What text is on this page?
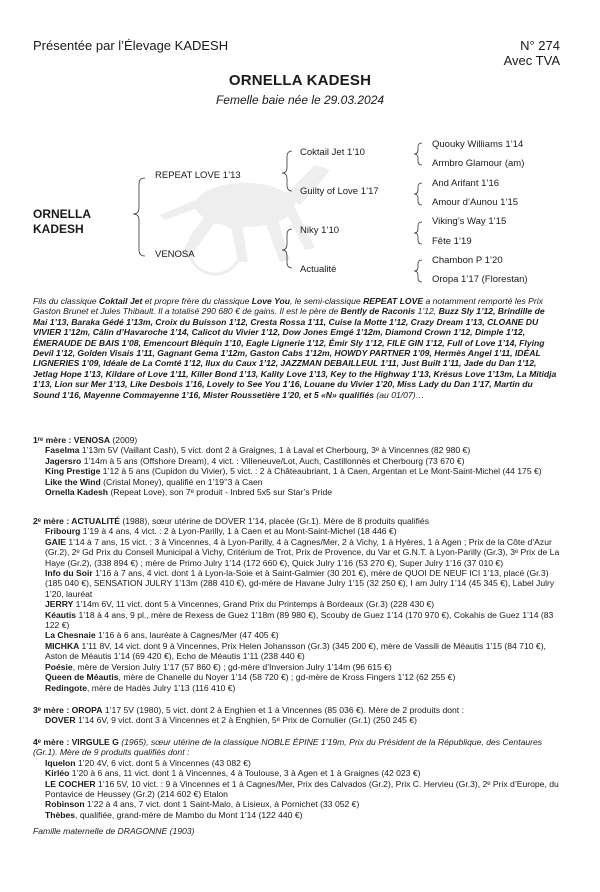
Présentée par l’Élevage KADESH	N° 274
Avec TVA
ORNELLA KADESH
Femelle baie née le 29.03.2024
ORNELLA
KADESH
REPEAT LOVE 1’13
VENOSA
Coktail Jet 1’10
Guilty of Love 1’17
Niky 1’10
Actualité
Quouky Williams 1’14
Armbro Glamour (am)
And Arifant 1’16
Amour d’Aunou 1’15
Viking’s Way 1’15
Fête 1’19
Chambon P 1’20
Oropa 1’17 (Florestan)
Fils du classique Coktail Jet et propre frère du classique Love You, le semi-classique REPEAT LOVE a notamment remporté les Prix Gaston Brunet et Jules Thibault. Il a totalisé 290 680 € de gains. Il est le père de Bently de Raconis 1’12, Buzz Sly 1’12, Brindille de Mai 1’13, Baraka Gédé 1’13m, Croix du Buisson 1’12, Cresta Rossa 1’11, Cuise la Motte 1’12, Crazy Dream 1’13, CLOANE DU VIVIER 1’12m, Câlin d’Havaroche 1’14, Calicot du Vivier 1’12, Dow Jones Emgé 1’12m, Diamond Crown 1’12, Dimple 1’12, ÉMERAUDE DE BAIS 1’08, Emencourt Blèquin 1’10, Eagle Lignerie 1’12, Émir Sly 1’12, FILE GIN 1’12, Full of Love 1’14, Flying Devil 1’12, Golden Visais 1’11, Gagnant Gema 1’12m, Gaston Cabs 1’12m, HOWDY PARTNER 1’09, Hermès Angel 1’11, IDÉAL LIGNERIES 1’09, Idéale de La Comté 1’12, Ilux du Caux 1’12, JAZZMAN DEBAILLEUL 1’11, Just Built 1’11, Jade du Dan 1’12, Jetlag Hope 1’13, Kildare of Love 1’11, Killer Bond 1’13, Kality Love 1’13, Key to the Highway 1’13, Krésus Love 1’13m, La Mitidja 1’13, Lion sur Mer 1’13, Like Desbois 1’16, Lovely to See You 1’16, Louane du Vivier 1’20, Miss Lady du Dan 1’17, Martin du Sound 1’16, Mayenne Commayenne 1’16, Mister Roussetière 1’20, et 5 «N» qualifiés (au 01/07)…
1ʳᵉ mère : VENOSA (2009)
Faselma 1’13m 5V (Vaillant Cash), 5 vict. dont 2 à Graignes, 1 à Laval et Cherbourg, 3ᵉ à Vincennes (82 980 €)
Jagersro 1’14m à 5 ans (Offshore Dream), 4 vict. : Villeneuve/Lot, Auch, Castillonnès et Cherbourg (73 670 €)
King Prestige 1’12 à 5 ans (Cupidon du Vivier), 5 vict. : 2 à Châteaubriant, 1 à Caen, Argentan et Le Mont-Saint-Michel (44 175 €)
Like the Wind (Cristal Money), qualifié en 1’19’’3 à Caen
Ornella Kadesh (Repeat Love), son 7ᵉ produit - Inbred 5x5 sur Star’s Pride
2ᵉ mère : ACTUALITÉ (1988), sœur utérine de DOVER 1’14, placée (Gr.1). Mère de 8 produits qualifiés
Fribourg 1’19 à 4 ans, 4 vict. : 2 à Lyon-Parilly, 1 à Caen et au Mont-Saint-Michel (18 446 €)
GAIE 1’14 à 7 ans, 15 vict. : 3 à Vincennes, 4 à Lyon-Parilly, 4 à Cagnes/Mer, 2 à Vichy, 1 à Hyères, 1 à Agen ; Prix de la Côte d’Azur (Gr.2), 2ᵉ Gd Prix du Conseil Municipal à Vichy, Critérium de Trot, Prix de Provence, du Var et G.N.T. à Lyon-Parilly (Gr.3), 3ᵉ Prix de La Haye (Gr.2), (338 894 €) ; mère de Primo Julry 1’14 (172 660 €), Quick Julry 1’16 (53 270 €), Super Julry 1’16 (37 010 €)
Info du Soir 1’16 à 7 ans, 4 vict. dont 1 à Lyon-la-Soie et à Saint-Galmier (30 201 €), mère de QUOI DE NEUF ICI 1’13, placé (Gr.3) (185 040 €), SENSATION JULRY 1’13m (288 410 €), gd-mère de Havane Julry 1’15 (32 250 €), I am Julry 1’14 (45 345 €), Label Julry 1’20, lauréat
JERRY 1’14m 6V, 11 vict. dont 5 à Vincennes, Grand Prix du Printemps à Bordeaux (Gr.3) (228 430 €)
Kéautis 1’18 à 4 ans, 9 pl., mère de Rexess de Guez 1’18m (89 980 €), Scouby de Guez 1’14 (170 970 €), Cokahis de Guez 1’14 (83 122 €)
La Chesnaie 1’16 à 6 ans, lauréate à Cagnes/Mer (47 405 €)
MICHKA 1’11 8V, 14 vict. dont 9 à Vincennes, Prix Helen Johansson (Gr.3) (345 200 €), mère de Vassili de Méautis 1’15 (84 710 €), Aston de Méautis 1’14 (69 420 €), Echo de Méautis 1’11 (238 440 €)
Poésie, mère de Version Julry 1’17 (57 860 €) ; gd-mère d’Inversion Julry 1’14m (96 615 €)
Queen de Méautis, mère de Chanelle du Noyer 1’14 (58 720 €) ; gd-mère de Kross Fingers 1’12 (62 255 €)
Redingote, mère de Hadès Julry 1’13 (116 410 €)
3ᵉ mère : OROPA 1’17 5V (1980), 5 vict. dont 2 à Enghien et 1 à Vincennes (85 036 €). Mère de 2 produits dont :
DOVER 1’14 6V, 9 vict. dont 3 à Vincennes et 2 à Enghien, 5ᵉ Prix de Cornulier (Gr.1) (250 245 €)
4ᵉ mère : VIRGULE G (1965), sœur utérine de la classique NOBLE ÉPINE 1’19m, Prix du Président de la République, des Centaures (Gr.1). Mère de 9 produits qualifiés dont :
Iquelon 1’20 4V, 6 vict. dont 5 à Vincennes (43 082 €)
Kirléo 1’20 à 6 ans, 11 vict. dont 1 à Vincennes, 4 à Toulouse, 3 à Agen et 1 à Graignes (42 023 €)
LE COCHER 1’16 5V, 10 vict. : 9 à Vincennes et 1 à Cagnes/Mer, Prix des Calvados (Gr.2), Prix C. Hervieu (Gr.3), 2ᵉ Prix d’Europe, du Pontavice de Heussey (Gr.2) (214 602 €) Etalon
Robinson 1’22 à 4 ans, 7 vict. dont 1 Saint-Malo, à Lisieux, à Pornichet (33 052 €)
Thèbes, qualifiée, grand-mère de Mambo du Mont 1’14 (122 440 €)
Famille maternelle de DRAGONNE (1903)
